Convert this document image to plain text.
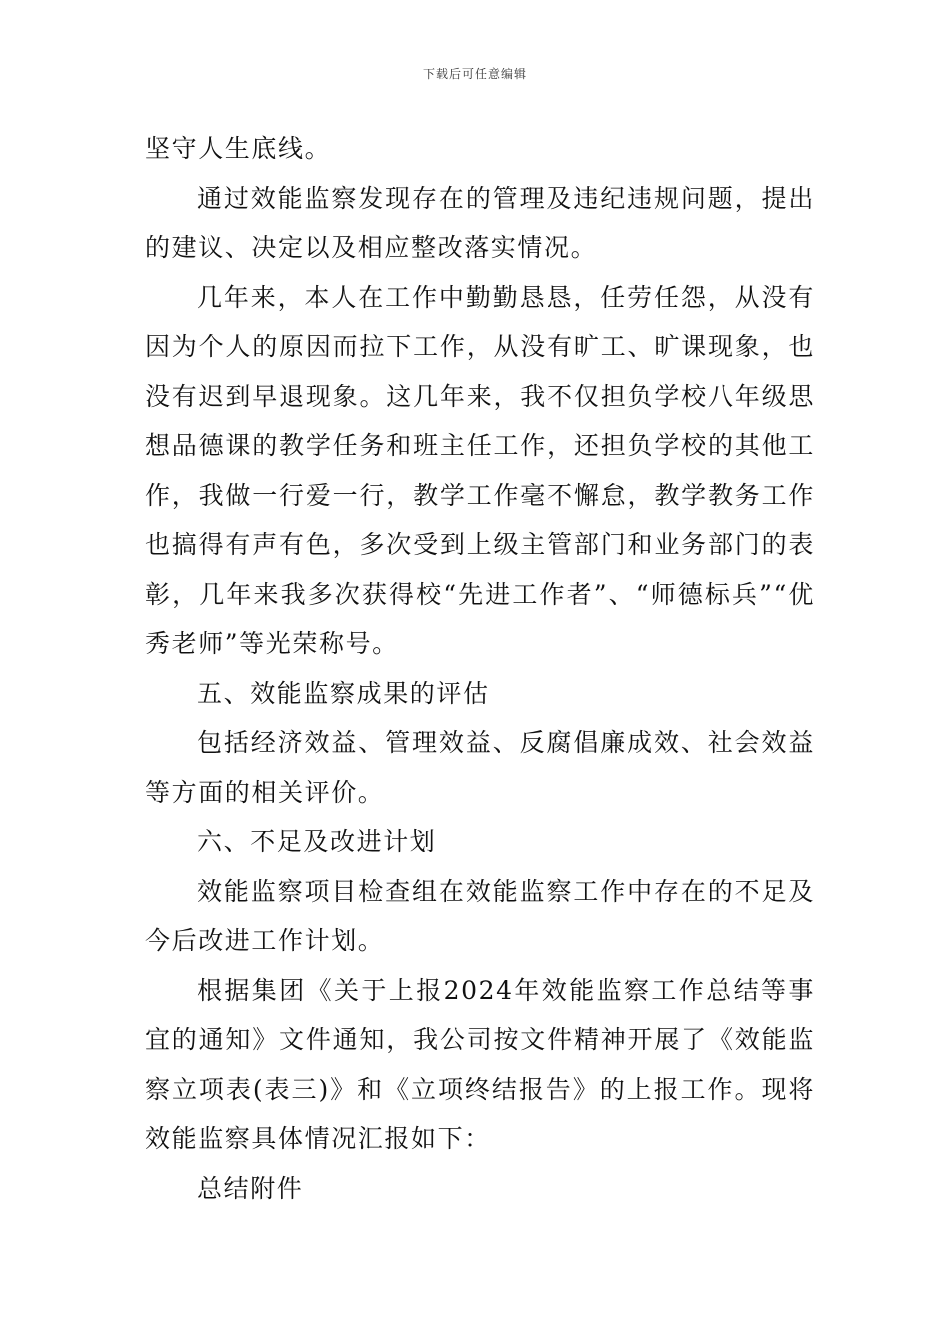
下载后可任意编辑

坚守人生底线。

通过效能监察发现存在的管理及违纪违规问题，提出的建议、决定以及相应整改落实情况。

几年来，本人在工作中勤勤恳恳，任劳任怨，从没有因为个人的原因而拉下工作，从没有旷工、旷课现象，也没有迟到早退现象。这几年来，我不仅担负学校八年级思想品德课的教学任务和班主任工作，还担负学校的其他工作，我做一行爱一行，教学工作毫不懈怠，教学教务工作也搞得有声有色，多次受到上级主管部门和业务部门的表彰，几年来我多次获得校“先进工作者”、“师德标兵”“优秀老师”等光荣称号。

五、效能监察成果的评估

包括经济效益、管理效益、反腐倡廉成效、社会效益等方面的相关评价。

六、不足及改进计划

效能监察项目检查组在效能监察工作中存在的不足及今后改进工作计划。

根据集团《关于上报2024年效能监察工作总结等事宜的通知》文件通知，我公司按文件精神开展了《效能监察立项表(表三)》和《立项终结报告》的上报工作。现将效能监察具体情况汇报如下：

总结附件
